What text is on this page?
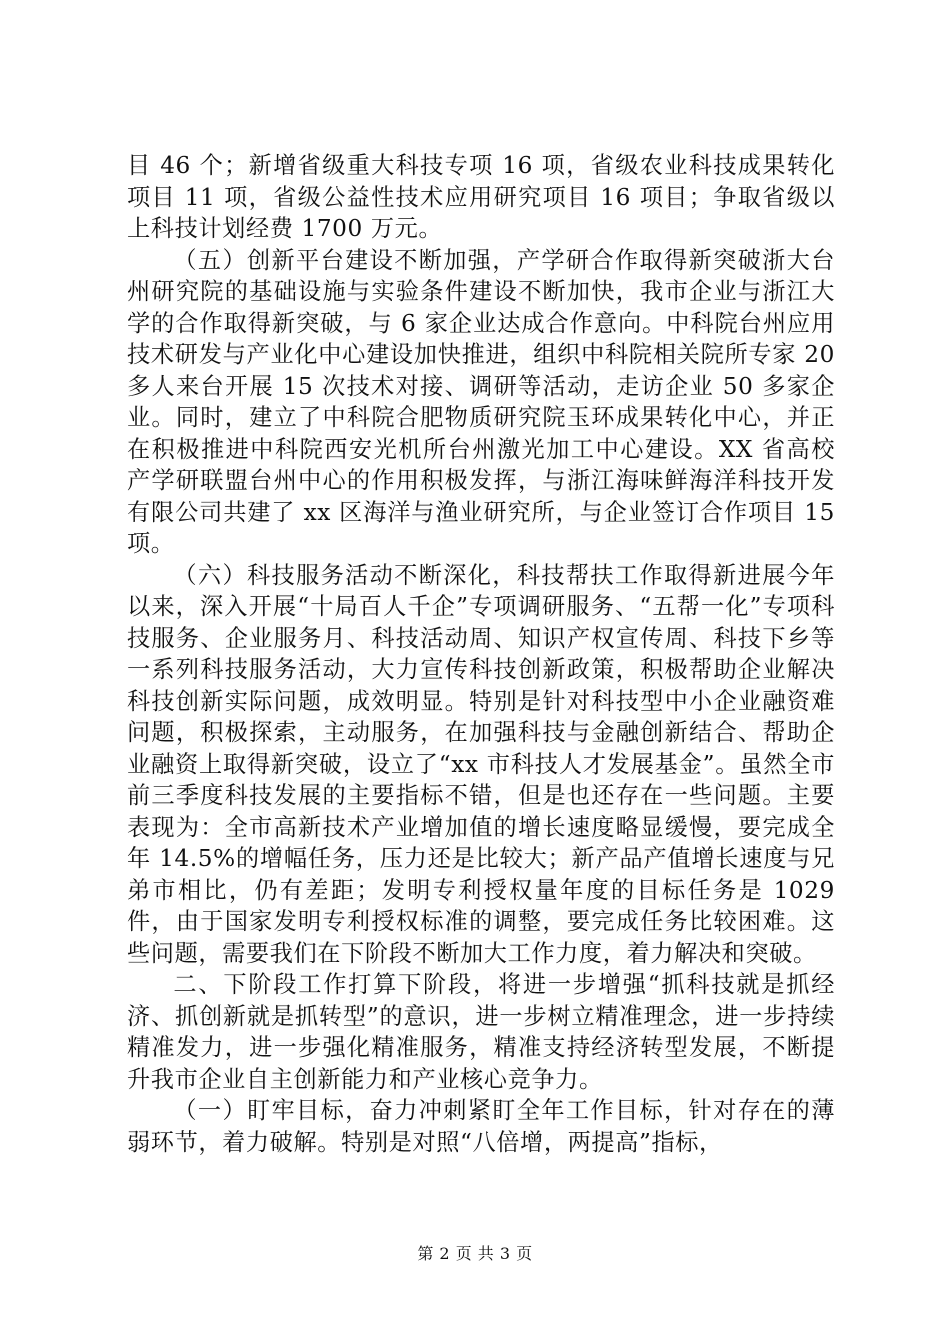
目 46 个；新增省级重大科技专项 16 项，省级农业科技成果转化项目 11 项，省级公益性技术应用研究项目 16 项目；争取省级以上科技计划经费 1700 万元。

（五）创新平台建设不断加强，产学研合作取得新突破浙大台州研究院的基础设施与实验条件建设不断加快，我市企业与浙江大学的合作取得新突破，与 6 家企业达成合作意向。中科院台州应用技术研发与产业化中心建设加快推进，组织中科院相关院所专家 20 多人来台开展 15 次技术对接、调研等活动，走访企业 50 多家企业。同时，建立了中科院合肥物质研究院玉环成果转化中心，并正在积极推进中科院西安光机所台州激光加工中心建设。XX 省高校产学研联盟台州中心的作用积极发挥，与浙江海味鲜海洋科技开发有限公司共建了 xx 区海洋与渔业研究所，与企业签订合作项目 15 项。

（六）科技服务活动不断深化，科技帮扶工作取得新进展今年以来，深入开展“十局百人千企”专项调研服务、“五帮一化”专项科技服务、企业服务月、科技活动周、知识产权宣传周、科技下乡等一系列科技服务活动，大力宣传科技创新政策，积极帮助企业解决科技创新实际问题，成效明显。特别是针对科技型中小企业融资难问题，积极探索，主动服务，在加强科技与金融创新结合、帮助企业融资上取得新突破，设立了“xx 市科技人才发展基金”。虽然全市前三季度科技发展的主要指标不错，但是也还存在一些问题。主要表现为：全市高新技术产业增加值的增长速度略显缓慢，要完成全年 14.5%的增幅任务，压力还是比较大；新产品产值增长速度与兄弟市相比，仍有差距；发明专利授权量年度的目标任务是 1029 件，由于国家发明专利授权标准的调整，要完成任务比较困难。这些问题，需要我们在下阶段不断加大工作力度，着力解决和突破。

二、下阶段工作打算下阶段，将进一步增强“抓科技就是抓经济、抓创新就是抓转型”的意识，进一步树立精准理念，进一步持续精准发力，进一步强化精准服务，精准支持经济转型发展，不断提升我市企业自主创新能力和产业核心竞争力。

（一）盯牢目标，奋力冲刺紧盯全年工作目标，针对存在的薄弱环节，着力破解。特别是对照“八倍增，两提高”指标，

第 2 页 共 3 页
